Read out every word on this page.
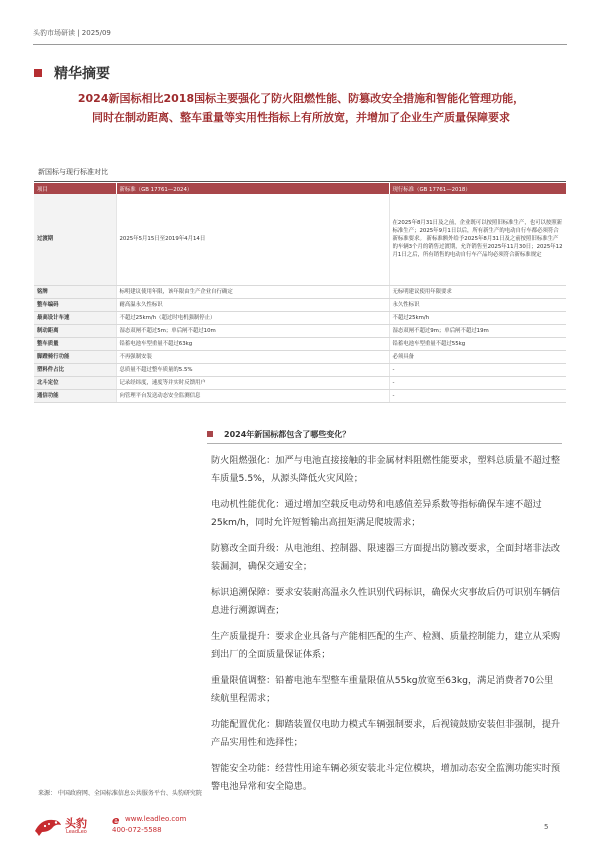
头豹市场研读 | 2025/09
精华摘要
2024新国标相比2018国标主要强化了防火阻燃性能、防篡改安全措施和智能化管理功能，
同时在制动距离、整车重量等实用性指标上有所放宽，并增加了企业生产质量保障要求
新国标与现行标准对比
项目	新标准（GB 17761—2024）	现行标准（GB 17761—2018）
过渡期	2025年5月15日至2019年4月14日	在2025年8月31日及之前，企业既可以按照旧标准生产，也可以按照新标准生产；2025年9月1日以后，所有新生产的电动自行车都必须符合新标准要求。 新标准额外给予2025年8月31日及之前按照旧标准生产的车辆3个月的销售过渡期，允许销售至2025年11月30日；2025年12月1日之后，所有销售的电动自行车产品均必须符合新标准规定
铭牌	标明建议使用年限，该年限由生产企业自行确定	无标明建议使用年限要求
整车编码	耐高温永久性标识	永久性标识
最高设计车速	不超过25km/h（超过时电机强制停止）	不超过25km/h
制动距离	湿态双闸不超过5m；单后闸不超过10m	湿态双闸不超过9m；单后闸不超过19m
整车质量	铅蓄电池车型重量不超过63kg	铅蓄电池车型重量不超过55kg
脚蹬骑行功能	不再强制安装	必须具备
塑料件占比	总质量不超过整车质量的5.5%	-
北斗定位	记录经纬度，速度等并实时反馈用户	-
通信功能	向管理平台发送动态安全监测信息	-
2024年新国标都包含了哪些变化？

防火阻燃强化：加严与电池直接接触的非金属材料阻燃性能要求，塑料总质量不超过整车质量5.5%，从源头降低火灾风险；

电动机性能优化：通过增加空载反电动势和电感值差异系数等指标确保车速不超过25km/h，同时允许短暂输出高扭矩满足爬坡需求；

防篡改全面升级：从电池组、控制器、限速器三方面提出防篡改要求，全面封堵非法改装漏洞，确保交通安全；

标识追溯保障：要求安装耐高温永久性识别代码标识，确保火灾事故后仍可识别车辆信息进行溯源调查；

生产质量提升：要求企业具备与产能相匹配的生产、检测、质量控制能力，建立从采购到出厂的全面质量保证体系；

重量限值调整：铅蓄电池车型整车重量限值从55kg放宽至63kg，满足消费者70公里续航里程需求；

功能配置优化：脚踏装置仅电助力模式车辆强制要求，后视镜鼓励安装但非强制，提升产品实用性和选择性；

智能安全功能：经营性用途车辆必须安装北斗定位模块，增加动态安全监测功能实时预警电池异常和安全隐患。

来源： 中国政府网、全国标准信息公共服务平台、头豹研究院
头豹
LeadLeo
e www.leadleo.com
400-072-5588	5
